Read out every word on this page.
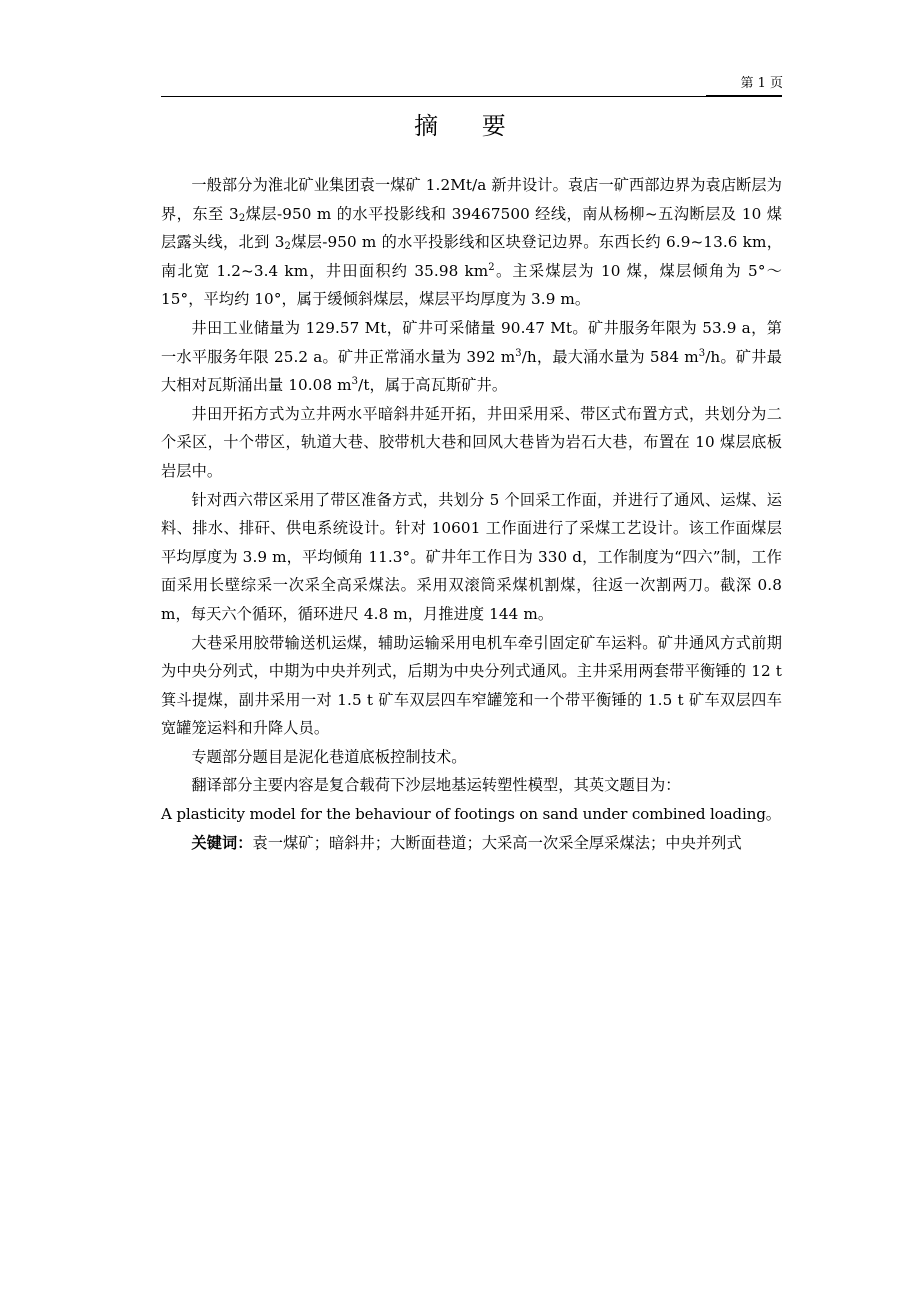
第 1 页
摘 要

一般部分为淮北矿业集团袁一煤矿 1.2Mt/a 新井设计。袁店一矿西部边界为袁店断层为界，东至 $3_2$煤层-950 m 的水平投影线和 39467500 经线，南从杨柳~五沟断层及 10 煤层露头线，北到 $3_2$煤层-950 m 的水平投影线和区块登记边界。东西长约 6.9~13.6 km，南北宽 1.2~3.4 km，井田面积约 35.98 $km^2$。主采煤层为 10 煤，煤层倾角为 5°～15°，平均约 10°，属于缓倾斜煤层，煤层平均厚度为 3.9 m。

井田工业储量为 129.57 Mt，矿井可采储量 90.47 Mt。矿井服务年限为 53.9 a，第一水平服务年限 25.2 a。矿井正常涌水量为 392 $m^3/h$，最大涌水量为 584 $m^3/h$。矿井最大相对瓦斯涌出量 10.08 $m^3/t$，属于高瓦斯矿井。

井田开拓方式为立井两水平暗斜井延开拓，井田采用采、带区式布置方式，共划分为二个采区，十个带区，轨道大巷、胶带机大巷和回风大巷皆为岩石大巷，布置在 10 煤层底板岩层中。

针对西六带区采用了带区准备方式，共划分 5 个回采工作面，并进行了通风、运煤、运料、排水、排矸、供电系统设计。针对 10601 工作面进行了采煤工艺设计。该工作面煤层平均厚度为 3.9 m，平均倾角 11.3°。矿井年工作日为 330 d，工作制度为“四六”制，工作面采用长壁综采一次采全高采煤法。采用双滚筒采煤机割煤，往返一次割两刀。截深 0.8 m，每天六个循环，循环进尺 4.8 m，月推进度 144 m。

大巷采用胶带输送机运煤，辅助运输采用电机车牵引固定矿车运料。矿井通风方式前期为中央分列式，中期为中央并列式，后期为中央分列式通风。主井采用两套带平衡锤的 12 t 箕斗提煤，副井采用一对 1.5 t 矿车双层四车窄罐笼和一个带平衡锤的 1.5 t 矿车双层四车宽罐笼运料和升降人员。

专题部分题目是泥化巷道底板控制技术。

翻译部分主要内容是复合载荷下沙层地基运转塑性模型，其英文题目为：

A plasticity model for the behaviour of footings on sand under combined loading。

关键词：袁一煤矿；暗斜井；大断面巷道；大采高一次采全厚采煤法；中央并列式
